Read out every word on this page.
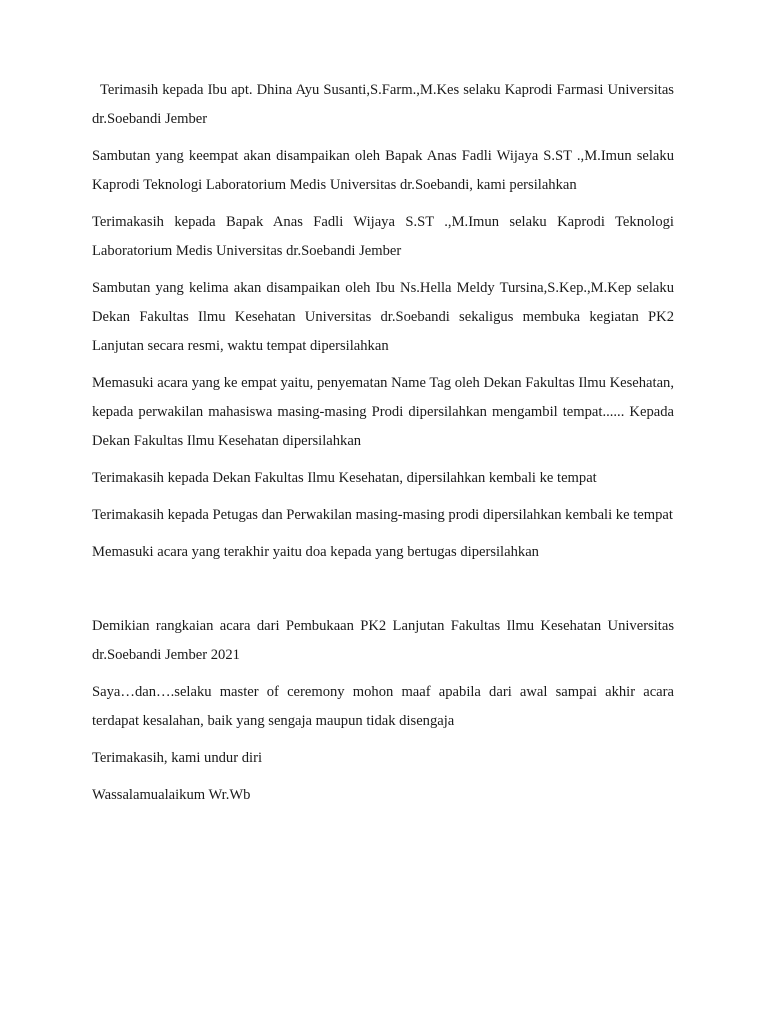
Terimasih kepada Ibu apt. Dhina Ayu Susanti,S.Farm.,M.Kes selaku Kaprodi Farmasi Universitas dr.Soebandi Jember

Sambutan yang keempat akan disampaikan oleh Bapak Anas Fadli Wijaya S.ST .,M.Imun selaku Kaprodi Teknologi Laboratorium Medis Universitas dr.Soebandi, kami persilahkan

Terimakasih kepada Bapak Anas Fadli Wijaya S.ST .,M.Imun selaku Kaprodi Teknologi Laboratorium Medis Universitas dr.Soebandi Jember

Sambutan yang kelima akan disampaikan oleh Ibu Ns.Hella Meldy Tursina,S.Kep.,M.Kep selaku Dekan Fakultas Ilmu Kesehatan Universitas dr.Soebandi sekaligus membuka kegiatan PK2 Lanjutan secara resmi, waktu tempat dipersilahkan

Memasuki acara yang ke empat yaitu, penyematan Name Tag oleh Dekan Fakultas Ilmu Kesehatan, kepada perwakilan mahasiswa masing-masing Prodi dipersilahkan mengambil tempat...... Kepada Dekan Fakultas Ilmu Kesehatan dipersilahkan

Terimakasih kepada Dekan Fakultas Ilmu Kesehatan, dipersilahkan kembali ke tempat

Terimakasih kepada Petugas dan Perwakilan masing-masing prodi dipersilahkan kembali ke tempat

Memasuki acara yang terakhir yaitu doa kepada yang bertugas dipersilahkan

Demikian rangkaian acara dari Pembukaan PK2 Lanjutan Fakultas Ilmu Kesehatan Universitas dr.Soebandi Jember 2021

Saya…dan….selaku master of ceremony mohon maaf apabila dari awal sampai akhir acara terdapat kesalahan, baik yang sengaja maupun tidak disengaja

Terimakasih, kami undur diri

Wassalamualaikum Wr.Wb
